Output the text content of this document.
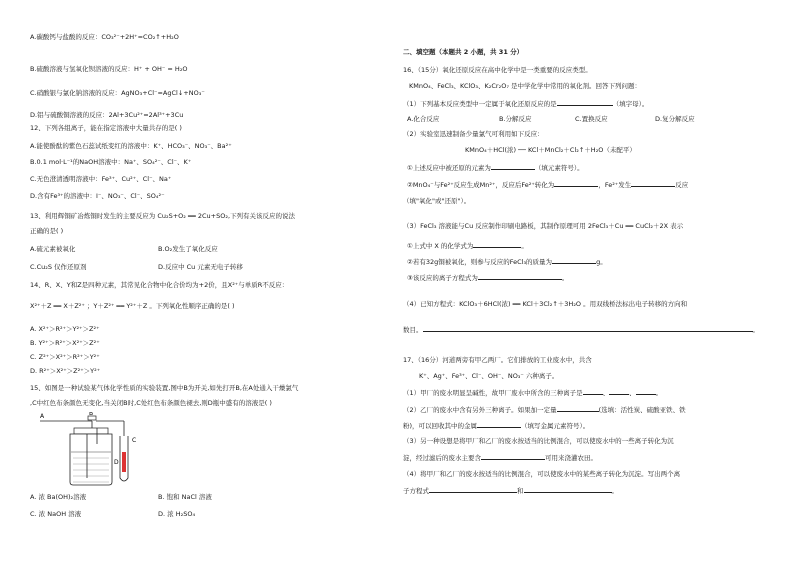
A.碳酸钙与盐酸的反应：CO₃²⁻+2H⁺=CO₂↑+H₂O
B.硫酸溶液与氢氧化钡溶液的反应：H⁺ + OH⁻ = H₂O
C.硝酸银与氯化钠溶液的反应：AgNO₃+Cl⁻=AgCl↓+NO₃⁻
D.铝与硫酸铜溶液的反应：2Al+3Cu²⁺=2Al³⁺+3Cu
12、下列各组离子，能在指定溶液中大量共存的是( )
A.能使酚酞的紫色石蕊试纸变红的溶液中：K⁺、HCO₃⁻、NO₃⁻、Ba²⁺
B.0.1 mol·L⁻¹的NaOH溶液中：Na⁺、SO₄²⁻、Cl⁻、K⁺
C.无色澄清透明溶液中：Fe³⁺、Cu²⁺、Cl⁻、Na⁺
D.含有Fe³⁺的溶液中：I⁻、NO₃⁻、Cl⁻、SO₄²⁻
13、利用辉铜矿冶炼铜时发生的主要反应为 Cu₂S+O₂ ══ 2Cu+SO₂,下列有关该反应的说法
正确的是( )
A.硫元素被氧化	B.O₂发生了氧化反应
C.Cu₂S 仅作还原剂	D.反应中 Cu 元素无电子转移
14、R、X、Y和Z是四种元素，其常见化合物中化合价均为+2价，且X²⁺与单质R不反应：
X²⁺＋Z ══ X＋Z²⁺ ；Y＋Z²⁺ ══ Y²⁺＋Z 。下列氧化性顺序正确的是( )
A. X²⁺＞R²⁺＞Y²⁺＞Z²⁺
B. Y²⁺＞R²⁺＞X²⁺＞Z²⁺
C. Z²⁺＞X²⁺＞R²⁺＞Y²⁺
D. R²⁺＞X²⁺＞Z²⁺＞Y²⁺
15、如图是一种试验某气体化学性质的实验装置,图中B为开关,如先打开B,在A处通入干燥氯气
,C中红色布条颜色无变化,当关闭B时,C处红色布条颜色褪去,则D瓶中盛有的溶液是( )
A	B
C
D
A. 浓 Ba(OH)₂溶液	B. 饱和 NaCl 溶液
C. 浓 NaOH 溶液	D. 浓 H₂SO₄
二、填空题（本题共 2 小题，共 31 分）
16、（15分）氧化还原反应在高中化学中是一类重要的反应类型。
KMnO₄、FeCl₃、KClO₃、K₂Cr₂O₇ 是中学化学中常用的氧化剂。回答下列问题：
（1）下列基本反应类型中一定属于氧化还原反应的是	（填字母）。
A.化合反应	B.分解反应	C.置换反应	D.复分解反应
（2）实验室迅速制备少量氯气可利用如下反应：
KMnO₄＋HCl(浓) ── KCl＋MnCl₂＋Cl₂↑＋H₂O（未配平）
①上述反应中被还原的元素为	（填元素符号）。
②MnO₄⁻与Fe²⁺反应生成Mn²⁺，反应后Fe²⁺转化为	，Fe²⁺发生	反应
（填"氧化"或"还原"）。
（3）FeCl₃ 溶液能与Cu 反应制作印刷电路板，其制作原理可用 2FeCl₃＋Cu ══ CuCl₂＋2X 表示
①上式中 X 的化学式为	。
②若有32g铜被氧化，则参与反应的FeCl₃的质量为	g。
③该反应的离子方程式为	。
（4）已知方程式：KClO₃＋6HCl(浓) ══ KCl＋3Cl₂↑＋3H₂O 。用双线桥法标出电子转移的方向和
数目。	。
17、（16分）河道两旁有甲乙两厂。它们排放的工业废水中，共含
K⁺、Ag⁺、Fe³⁺、Cl⁻、OH⁻、NO₃⁻ 六种离子。
（1）甲厂的废水明显呈碱性，故甲厂废水中所含的三种离子是	、	、	。
（2）乙厂的废水中含有另外三种离子。如果加一定量	(选填：活性炭、硫酸亚铁、铁
粉)，可以回收其中的金属	（填写金属元素符号）。
（3）另一种设想是将甲厂和乙厂的废水按适当的比例混合，可以使废水中的一些离子转化为沉
淀，经过滤后的废水主要含	可用来浇灌农田。
（4）将甲厂和乙厂的废水按适当的比例混合，可以使废水中的某些离子转化为沉淀。写出两个离
子方程式	和	。
